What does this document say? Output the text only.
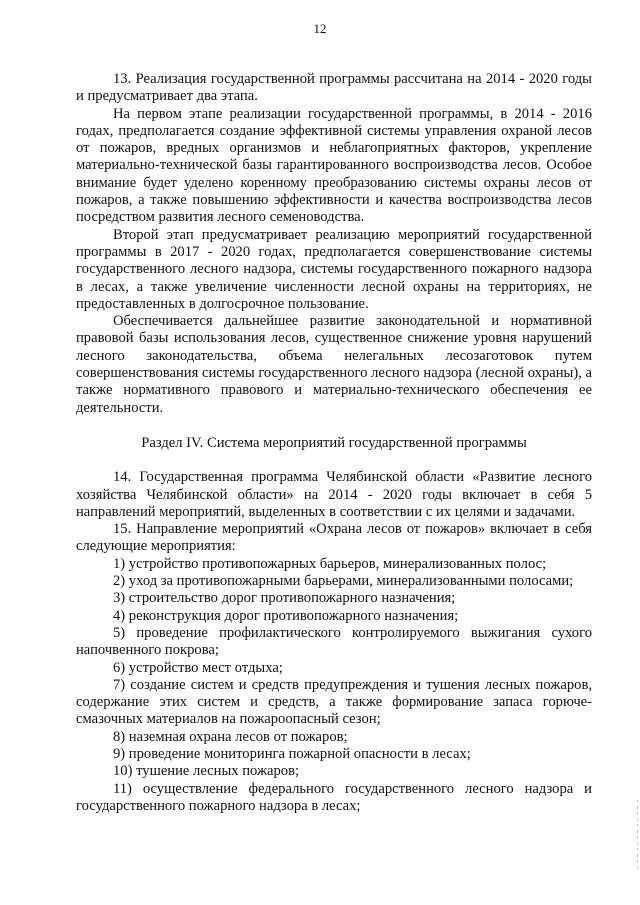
12

13. Реализация государственной программы рассчитана на 2014 - 2020 годы и предусматривает два этапа.

На первом этапе реализации государственной программы, в 2014 - 2016 годах, предполагается создание эффективной системы управления охраной лесов от пожаров, вредных организмов и неблагоприятных факторов, укрепление материально-технической базы гарантированного воспроизводства лесов. Особое внимание будет уделено коренному преобразованию системы охраны лесов от пожаров, а также повышению эффективности и качества воспроизводства лесов посредством развития лесного семеноводства.

Второй этап предусматривает реализацию мероприятий государственной программы в 2017 - 2020 годах, предполагается совершенствование системы государственного лесного надзора, системы государственного пожарного надзора в лесах, а также увеличение численности лесной охраны на территориях, не предоставленных в долгосрочное пользование.

Обеспечивается дальнейшее развитие законодательной и нормативной правовой базы использования лесов, существенное снижение уровня нарушений лесного законодательства, объема нелегальных лесозаготовок путем совершенствования системы государственного лесного надзора (лесной охраны), а также нормативного правового и материально-технического обеспечения ее деятельности.

Раздел IV. Система мероприятий государственной программы

14. Государственная программа Челябинской области «Развитие лесного хозяйства Челябинской области» на 2014 - 2020 годы включает в себя 5 направлений мероприятий, выделенных в соответствии с их целями и задачами.

15. Направление мероприятий «Охрана лесов от пожаров» включает в себя следующие мероприятия:

1) устройство противопожарных барьеров, минерализованных полос;

2) уход за противопожарными барьерами, минерализованными полосами;

3) строительство дорог противопожарного назначения;

4) реконструкция дорог противопожарного назначения;

5) проведение профилактического контролируемого выжигания сухого напочвенного покрова;

6) устройство мест отдыха;

7) создание систем и средств предупреждения и тушения лесных пожаров, содержание этих систем и средств, а также формирование запаса горюче-смазочных материалов на пожароопасный сезон;

8) наземная охрана лесов от пожаров;

9) проведение мониторинга пожарной опасности в лесах;

10) тушение лесных пожаров;

11) осуществление федерального государственного лесного надзора и государственного пожарного надзора в лесах;
